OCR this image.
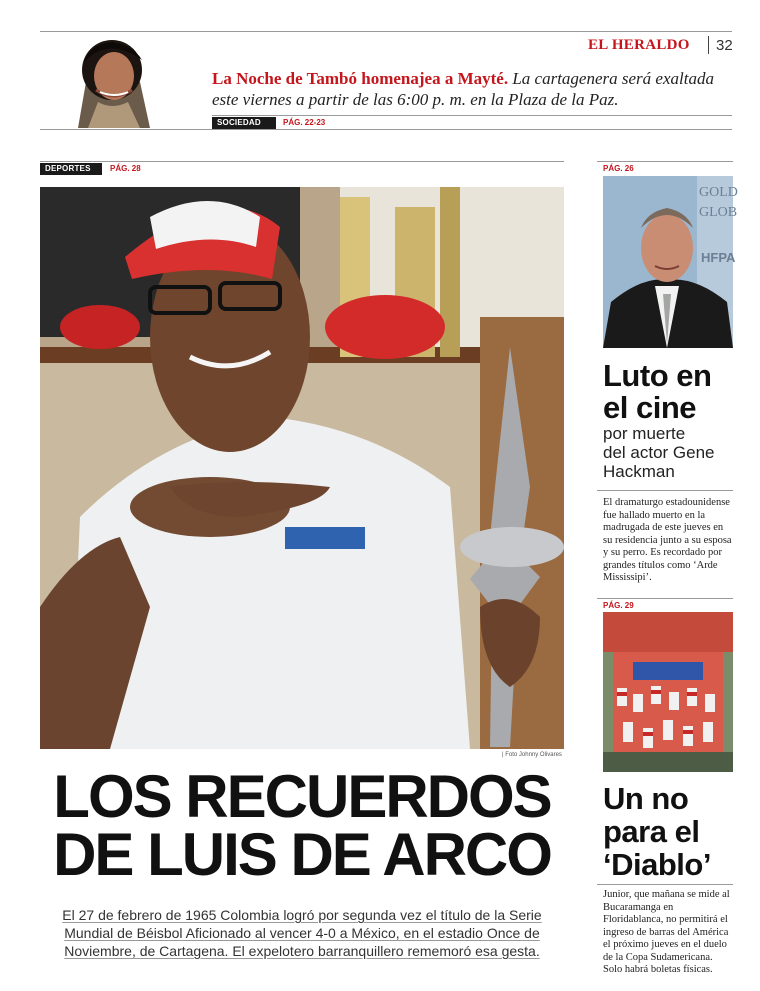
EL HERALDO 32
La Noche de Tambó homenajea a Mayté. La cartagenera será exaltada este viernes a partir de las 6:00 p. m. en la Plaza de la Paz.
SOCIEDAD	PÁG. 22-23
DEPORTES	PÁG. 28
| Foto Johnny Olivares
LOS RECUERDOS
DE LUIS DE ARCO
El 27 de febrero de 1965 Colombia logró por segunda vez el título de la Serie
Mundial de Béisbol Aficionado al vencer 4-0 a México, en el estadio Once de
Noviembre, de Cartagena. El expelotero barranquillero rememoró esa gesta.
PÁG. 26
GOLD
GLOB
HFPA
Luto en
el cine
por muerte
del actor Gene
Hackman
El dramaturgo estadounidense fue hallado muerto en la madrugada de este jueves en su residencia junto a su esposa y su perro. Es recordado por grandes títulos como ‘Arde Mississipi’.
PÁG. 29
Un no
para el
‘Diablo’
Junior, que mañana se mide al Bucaramanga en Floridablanca, no permitirá el ingreso de barras del América el próximo jueves en el duelo de la Copa Sudamericana. Solo habrá boletas físicas.
